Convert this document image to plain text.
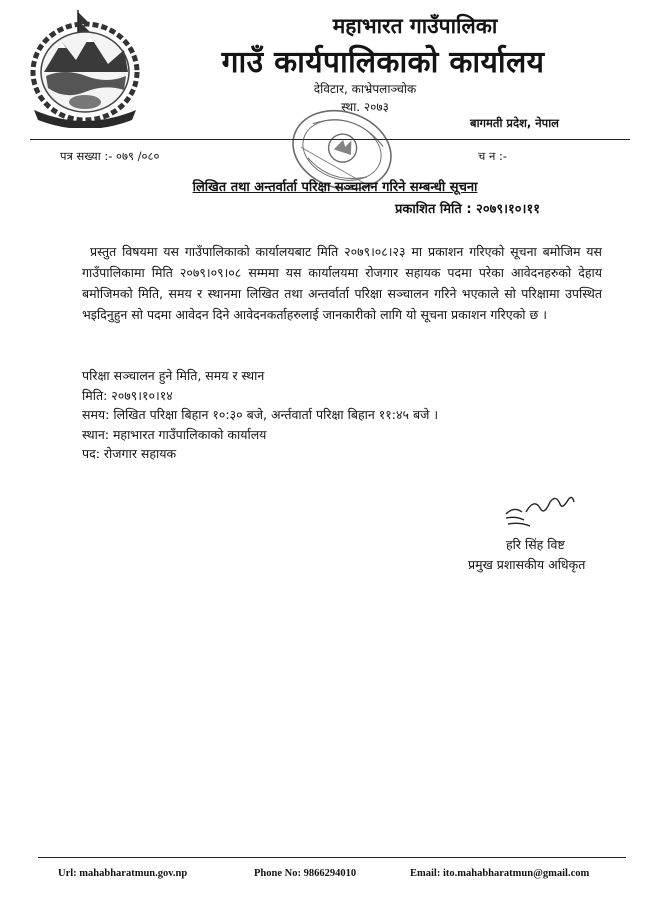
महाभारत गाउँपालिका
गाउँ कार्यपालिकाको कार्यालय
देविटार, काभ्रेपलाञ्चोक
स्था. २०७३
बागमती प्रदेश, नेपाल
पत्र सख्या :- ०७९ /०८०	च न :-
लिखित तथा अन्तर्वार्ता परिक्षा सञ्चालन गरिने सम्बन्धी सूचना
प्रकाशित मिति : २०७९।१०।११
प्रस्तुत विषयमा यस गाउँपालिकाको कार्यालयबाट मिति २०७९।०८।२३ मा प्रकाशन गरिएको सूचना बमोजिम यस गाउँपालिकामा मिति २०७९।०९।०८ सम्ममा यस कार्यालयमा रोजगार सहायक पदमा परेका आवेदनहरुको देहाय बमोजिमको मिति, समय र स्थानमा लिखित तथा अन्तर्वार्ता परिक्षा सञ्चालन गरिने भएकाले सो परिक्षामा उपस्थित भइदिनुहुन सो पदमा आवेदन दिने आवेदनकर्ताहरुलाई जानकारीको लागि यो सूचना प्रकाशन गरिएको छ ।
परिक्षा सञ्चालन हुने मिति, समय र स्थान
मिति: २०७९।१०।१४
समय: लिखित परिक्षा बिहान १०:३० बजे, अर्न्तवार्ता परिक्षा बिहान ११:४५ बजे ।
स्थान: महाभारत गाउँपालिकाको कार्यालय
पद: रोजगार सहायक
हरि सिंह विष्ट
प्रमुख प्रशासकीय अधिकृत
Url: mahabharatmun.gov.np	Phone No: 9866294010	Email: ito.mahabharatmun@gmail.com
